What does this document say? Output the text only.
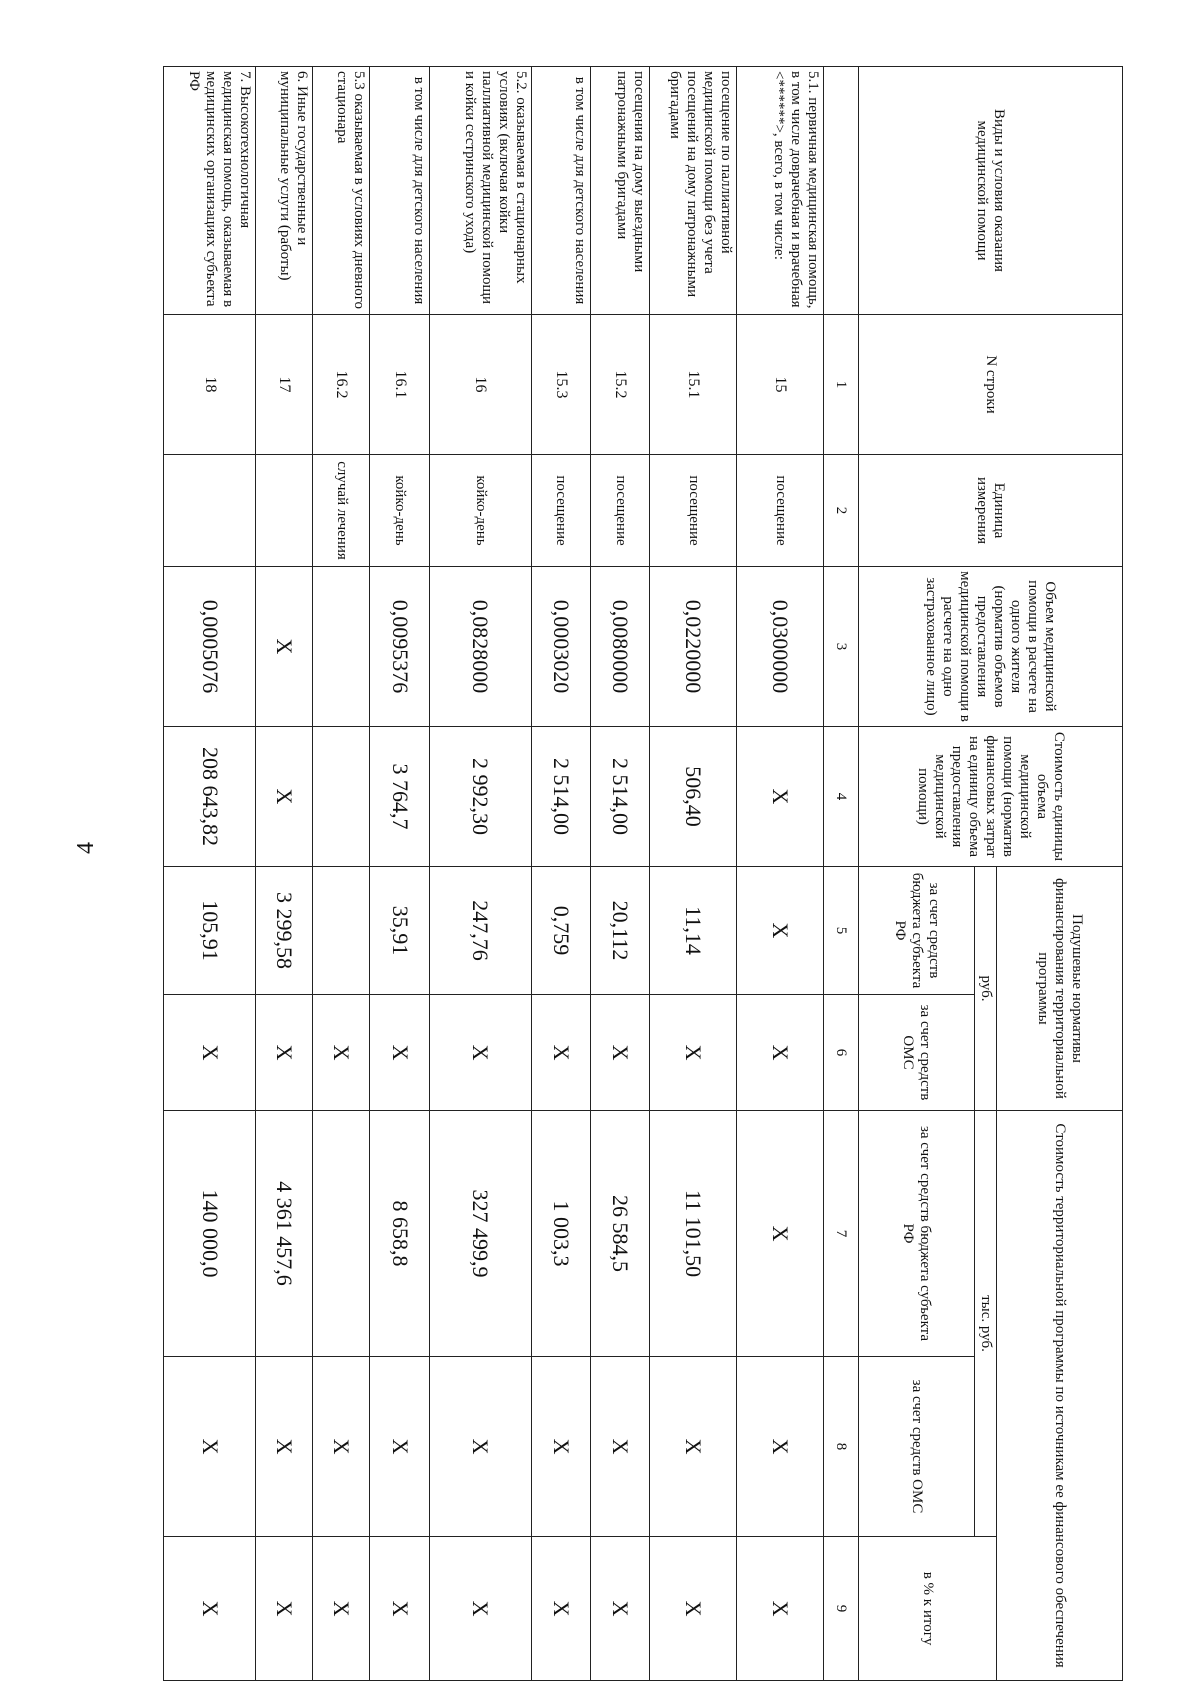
4
Виды и условия оказания медицинской помощи	N строки	Единица измерения	Объем медицинской помощи в расчете на одного жителя (норматив объемов предоставления медицинской помощи в расчете на одно застрахованное лицо)	Стоимость единицы объема медицинской помощи (норматив финансовых затрат на единицу объема предоставления медицинской помощи)	Подушевые нормативы финансирования территориальной программы		Стоимость территориальной программы по источникам ее финансового обеспечения		
					руб.		тыс. руб.		в % к итогу
					за счет средств бюджета субъекта РФ	за счет средств ОМС	за счет средств бюджета субъекта РФ	за счет средств ОМС	
	1	2	3	4	5	6	7	8	9
5.1. первичная медицинская помощь, в том числе доврачебная и врачебная <******>, всего, в том числе:	15	посещение	0,0300000	X	X	X	X	X	X
посещение по паллиативной медицинской помощи без учета посещений на дому патронажными бригадами	15.1	посещение	0,0220000	506,40	11,14	X	11 101,50	X	X
посещения на дому выездными патронажными бригадами	15.2	посещение	0,0080000	2 514,00	20,112	X	26 584,5	X	X
в том числе для детского населения	15.3	посещение	0,0003020	2 514,00	0,759	X	1 003,3	X	X
5.2. оказываемая в стационарных условиях (включая койки паллиативной медицинской помощи и койки сестринского ухода)	16	койко-день	0,0828000	2 992,30	247,76	X	327 499,9	X	X
в том числе для детского населения	16.1	койко-день	0,0095376	3 764,7	35,91	X	8 658,8	X	X
5.3 оказываемая в условиях дневного стационара	16.2	случай лечения				X		X	X
6. Иные государственные и муниципальные услуги (работы)	17		X	X	3 299,58	X	4 361 457,6	X	X
7. Высокотехнологичная медицинская помощь, оказываемая в медицинских организациях субъекта РФ	18		0,0005076	208 643,82	105,91	X	140 000,0	X	X
